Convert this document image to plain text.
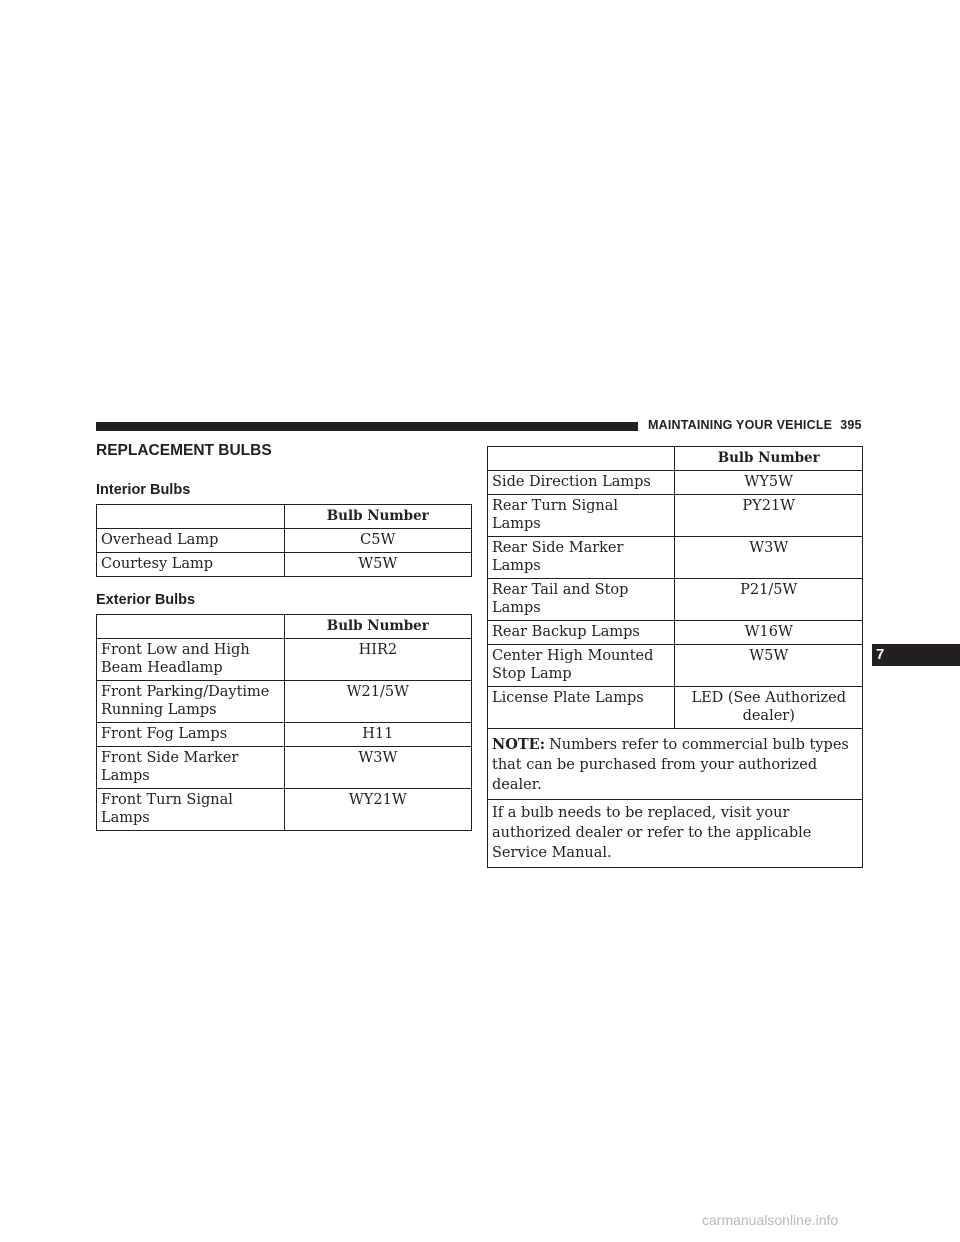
MAINTAINING YOUR VEHICLE 395
REPLACEMENT BULBS
Interior Bulbs
	Bulb Number
Overhead Lamp	C5W
Courtesy Lamp	W5W
Exterior Bulbs
	Bulb Number
Front Low and High Beam Headlamp	HIR2
Front Parking/Daytime Running Lamps	W21/5W
Front Fog Lamps	H11
Front Side Marker Lamps	W3W
Front Turn Signal Lamps	WY21W
	Bulb Number
Side Direction Lamps	WY5W
Rear Turn Signal Lamps	PY21W
Rear Side Marker Lamps	W3W
Rear Tail and Stop Lamps	P21/5W
Rear Backup Lamps	W16W
Center High Mounted Stop Lamp	W5W
License Plate Lamps	LED (See Authorized dealer)
NOTE: Numbers refer to commercial bulb types that can be purchased from your authorized dealer.	
If a bulb needs to be replaced, visit your authorized dealer or refer to the applicable Service Manual.	
7
carmanualsonline.info
